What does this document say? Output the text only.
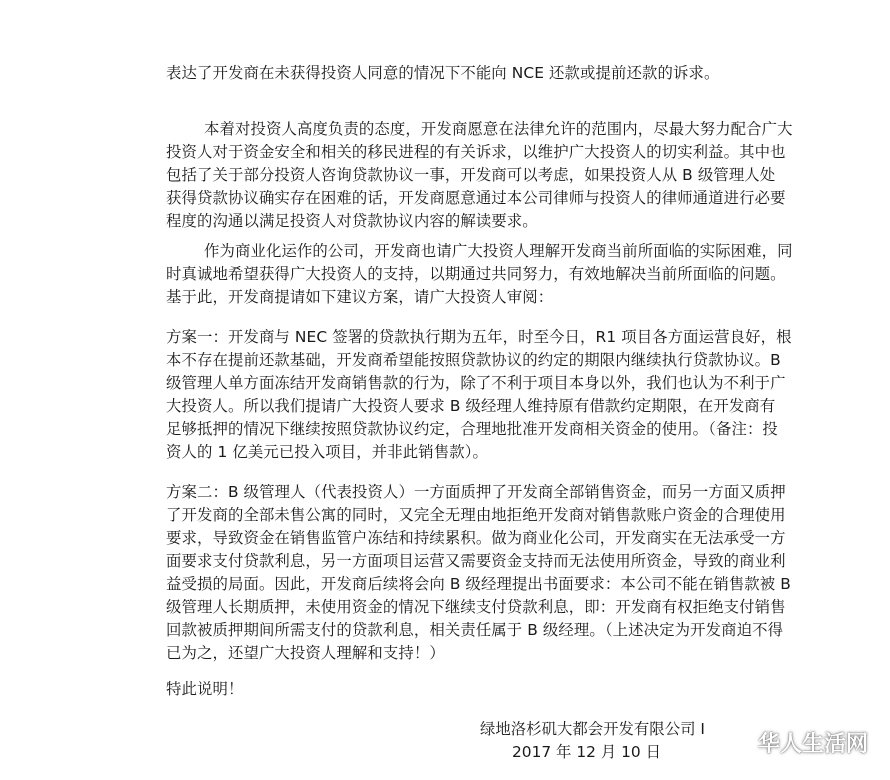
表达了开发商在未获得投资人同意的情况下不能向 NCE 还款或提前还款的诉求。
本着对投资人高度负责的态度，开发商愿意在法律允许的范围内，尽最大努力配合广大
投资人对于资金安全和相关的移民进程的有关诉求，以维护广大投资人的切实利益。其中也
包括了关于部分投资人咨询贷款协议一事，开发商可以考虑，如果投资人从 B 级管理人处
获得贷款协议确实存在困难的话，开发商愿意通过本公司律师与投资人的律师通道进行必要
程度的沟通以满足投资人对贷款协议内容的解读要求。
作为商业化运作的公司，开发商也请广大投资人理解开发商当前所面临的实际困难，同
时真诚地希望获得广大投资人的支持，以期通过共同努力，有效地解决当前所面临的问题。
基于此，开发商提请如下建议方案，请广大投资人审阅：
方案一：开发商与 NEC 签署的贷款执行期为五年，时至今日，R1 项目各方面运营良好，根
本不存在提前还款基础，开发商希望能按照贷款协议的约定的期限内继续执行贷款协议。B
级管理人单方面冻结开发商销售款的行为，除了不利于项目本身以外，我们也认为不利于广
大投资人。所以我们提请广大投资人要求 B 级经理人维持原有借款约定期限，在开发商有
足够抵押的情况下继续按照贷款协议约定，合理地批准开发商相关资金的使用。（备注：投
资人的 1 亿美元已投入项目，并非此销售款）。
方案二：B 级管理人（代表投资人）一方面质押了开发商全部销售资金，而另一方面又质押
了开发商的全部未售公寓的同时，又完全无理由地拒绝开发商对销售款账户资金的合理使用
要求，导致资金在销售监管户冻结和持续累积。做为商业化公司，开发商实在无法承受一方
面要求支付贷款利息，另一方面项目运营又需要资金支持而无法使用所资金，导致的商业利
益受损的局面。因此，开发商后续将会向 B 级经理提出书面要求：本公司不能在销售款被 B
级管理人长期质押，未使用资金的情况下继续支付贷款利息，即：开发商有权拒绝支付销售
回款被质押期间所需支付的贷款利息，相关责任属于 B 级经理。（上述决定为开发商迫不得
已为之，还望广大投资人理解和支持！）
特此说明！
绿地洛杉矶大都会开发有限公司 I
2017 年 12 月 10 日	华人生活网
